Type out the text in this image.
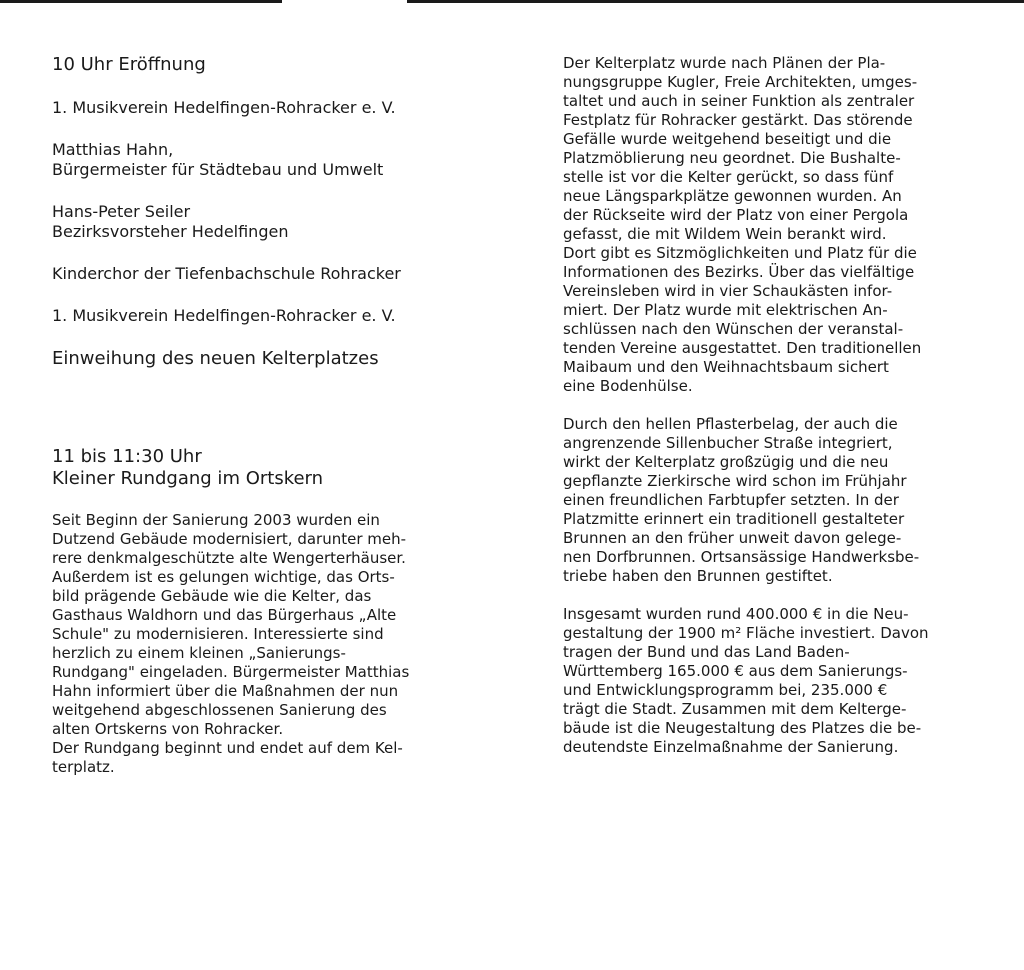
10 Uhr Eröffnung

1. Musikverein Hedelfingen-Rohracker e. V.

Matthias Hahn,
Bürgermeister für Städtebau und Umwelt

Hans-Peter Seiler
Bezirksvorsteher Hedelfingen

Kinderchor der Tiefenbachschule Rohracker

1. Musikverein Hedelfingen-Rohracker e. V.

Einweihung des neuen Kelterplatzes

11 bis 11:30 Uhr
Kleiner Rundgang im Ortskern

Seit Beginn der Sanierung 2003 wurden ein
Dutzend Gebäude modernisiert, darunter meh-
rere denkmalgeschützte alte Wengerterhäuser.
Außerdem ist es gelungen wichtige, das Orts-
bild prägende Gebäude wie die Kelter, das
Gasthaus Waldhorn und das Bürgerhaus „Alte
Schule" zu modernisieren. Interessierte sind
herzlich zu einem kleinen „Sanierungs-
Rundgang" eingeladen. Bürgermeister Matthias
Hahn informiert über die Maßnahmen der nun
weitgehend abgeschlossenen Sanierung des
alten Ortskerns von Rohracker.
Der Rundgang beginnt und endet auf dem Kel-
terplatz.

Der Kelterplatz wurde nach Plänen der Pla-
nungsgruppe Kugler, Freie Architekten, umges-
taltet und auch in seiner Funktion als zentraler
Festplatz für Rohracker gestärkt. Das störende
Gefälle wurde weitgehend beseitigt und die
Platzmöblierung neu geordnet. Die Bushalte-
stelle ist vor die Kelter gerückt, so dass fünf
neue Längsparkplätze gewonnen wurden. An
der Rückseite wird der Platz von einer Pergola
gefasst, die mit Wildem Wein berankt wird.
Dort gibt es Sitzmöglichkeiten und Platz für die
Informationen des Bezirks. Über das vielfältige
Vereinsleben wird in vier Schaukästen infor-
miert. Der Platz wurde mit elektrischen An-
schlüssen nach den Wünschen der veranstal-
tenden Vereine ausgestattet. Den traditionellen
Maibaum und den Weihnachtsbaum sichert
eine Bodenhülse.

Durch den hellen Pflasterbelag, der auch die
angrenzende Sillenbucher Straße integriert,
wirkt der Kelterplatz großzügig und die neu
gepflanzte Zierkirsche wird schon im Frühjahr
einen freundlichen Farbtupfer setzten. In der
Platzmitte erinnert ein traditionell gestalteter
Brunnen an den früher unweit davon gelege-
nen Dorfbrunnen. Ortsansässige Handwerksbe-
triebe haben den Brunnen gestiftet.

Insgesamt wurden rund 400.000 € in die Neu-
gestaltung der 1900 m² Fläche investiert. Davon
tragen der Bund und das Land Baden-
Württemberg 165.000 € aus dem Sanierungs-
und Entwicklungsprogramm bei, 235.000 €
trägt die Stadt. Zusammen mit dem Kelterge-
bäude ist die Neugestaltung des Platzes die be-
deutendste Einzelmaßnahme der Sanierung.
